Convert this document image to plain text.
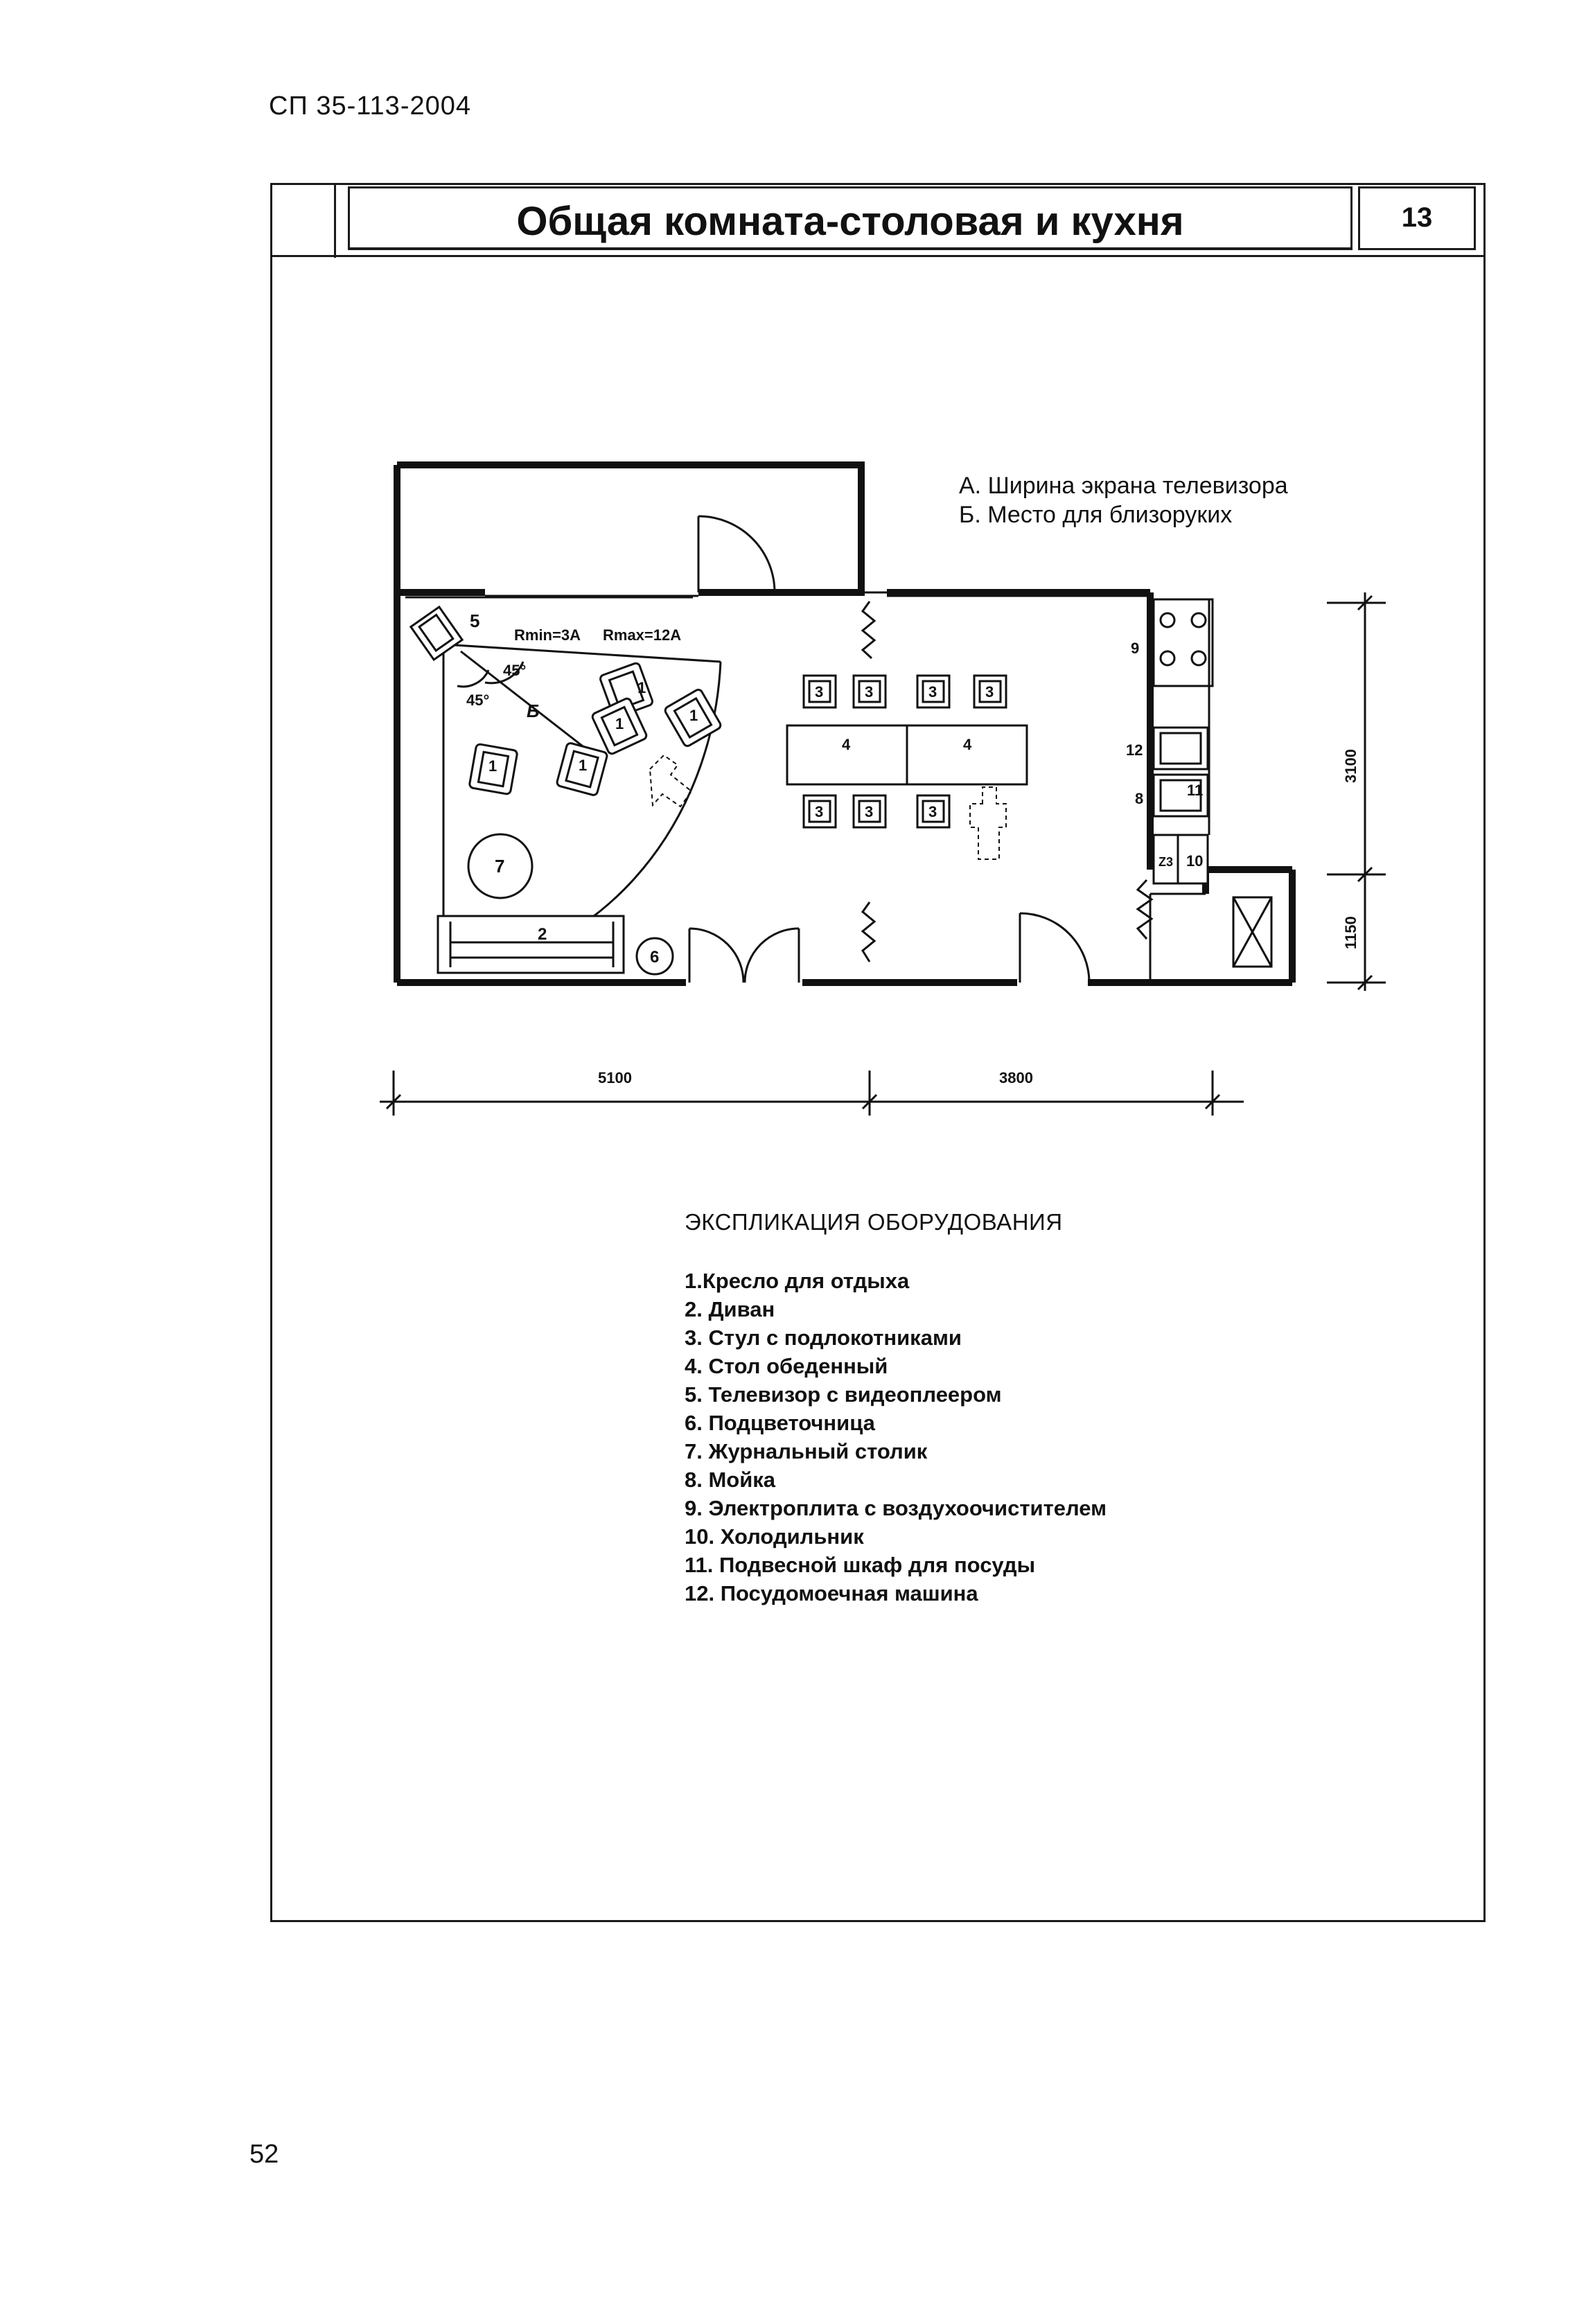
СП 35-113-2004
Общая комната-столовая и кухня	13
А. Ширина экрана телевизора
Б. Место для близоруких
Rmin=3A Rmax=12A
45°
45°
Б
5
1
1
1
1
1
7
2
6
3	3	3	3
3	3	3
4	4
9
12
8	11
10
Z3
5100	3800
3100
1150
ЭКСПЛИКАЦИЯ ОБОРУДОВАНИЯ
1.Кресло для отдыха
2. Диван
3. Стул с подлокотниками
4. Стол обеденный
5. Телевизор с видеоплеером
6. Подцветочница
7. Журнальный столик
8. Мойка
9. Электроплита с воздухоочистителем
10. Холодильник
11. Подвесной шкаф для посуды
12. Посудомоечная машина
52
